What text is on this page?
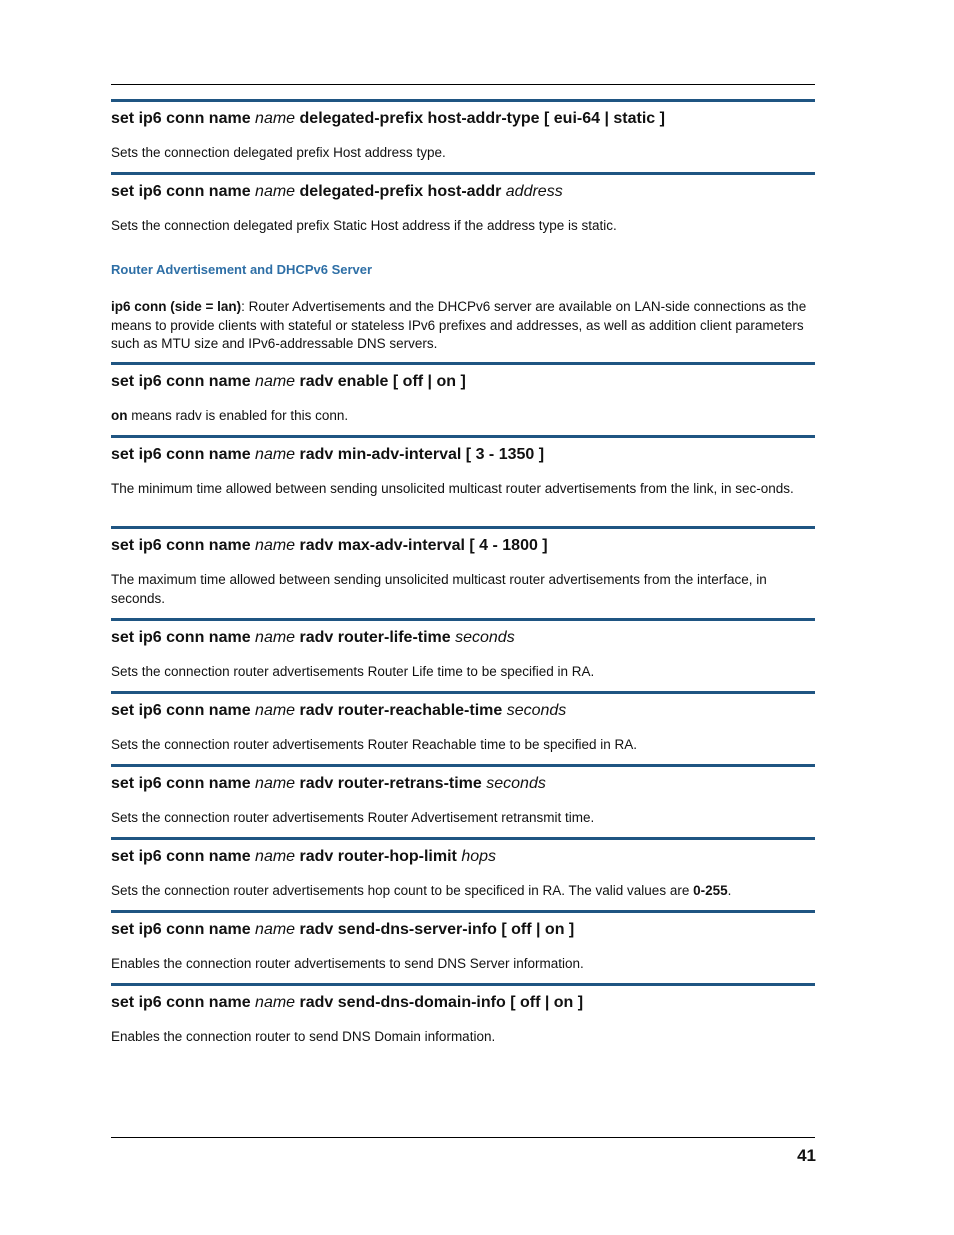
set ip6 conn name name delegated-prefix host-addr-type [ eui-64 | static ]
Sets the connection delegated prefix Host address type.
set ip6 conn name name delegated-prefix host-addr address
Sets the connection delegated prefix Static Host address if the address type is static.
Router Advertisement and DHCPv6 Server
ip6 conn (side = lan): Router Advertisements and the DHCPv6 server are available on LAN-side connections as the means to provide clients with stateful or stateless IPv6 prefixes and addresses, as well as addition client parameters such as MTU size and IPv6-addressable DNS servers.
set ip6 conn name name radv enable [ off | on ]
on means radv is enabled for this conn.
set ip6 conn name name radv min-adv-interval [ 3 - 1350 ]
The minimum time allowed between sending unsolicited multicast router advertisements from the link, in sec-onds.
set ip6 conn name name radv max-adv-interval [ 4 - 1800 ]
The maximum time allowed between sending unsolicited multicast router advertisements from the interface, in seconds.
set ip6 conn name name radv router-life-time seconds
Sets the connection router advertisements Router Life time to be specified in RA.
set ip6 conn name name radv router-reachable-time seconds
Sets the connection router advertisements Router Reachable time to be specified in RA.
set ip6 conn name name radv router-retrans-time seconds
Sets the connection router advertisements Router Advertisement retransmit time.
set ip6 conn name name radv router-hop-limit hops
Sets the connection router advertisements hop count to be specificed in RA. The valid values are 0-255.
set ip6 conn name name radv send-dns-server-info [ off | on ]
Enables the connection router advertisements to send DNS Server information.
set ip6 conn name name radv send-dns-domain-info [ off | on ]
Enables the connection router to send DNS Domain information.
41
